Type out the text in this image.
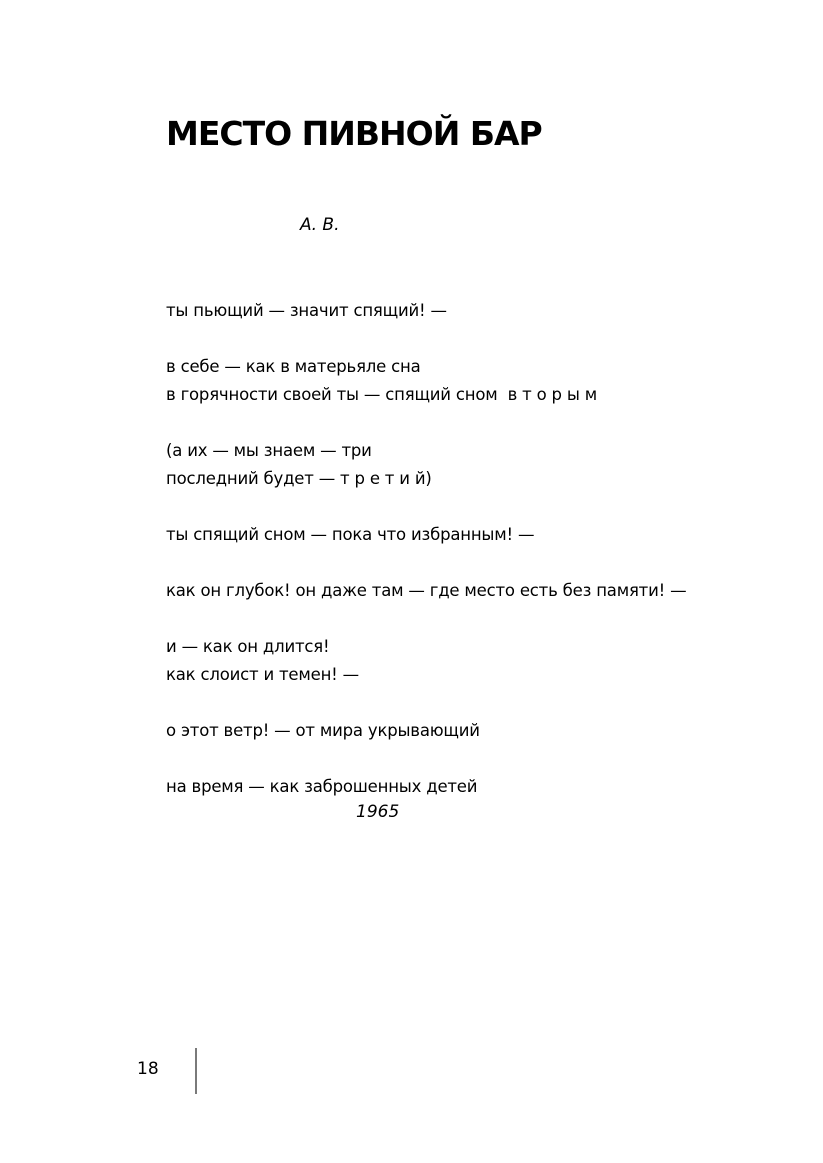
МЕСТО ПИВНОЙ БАР
А. В.
ты пьющий — значит спящий! —
в себе — как в матерьяле сна
в горячности своей ты — спящий сном  в т о р ы м
(а их — мы знаем — три
последний будет — т р е т и й)
ты спящий сном — пока что избранным! —
как он глубок! он даже там — где место есть без памяти! —
и — как он длится!
как слоист и темен! —
о этот ветр! — от мира укрывающий
на время — как заброшенных детей
1965
18
